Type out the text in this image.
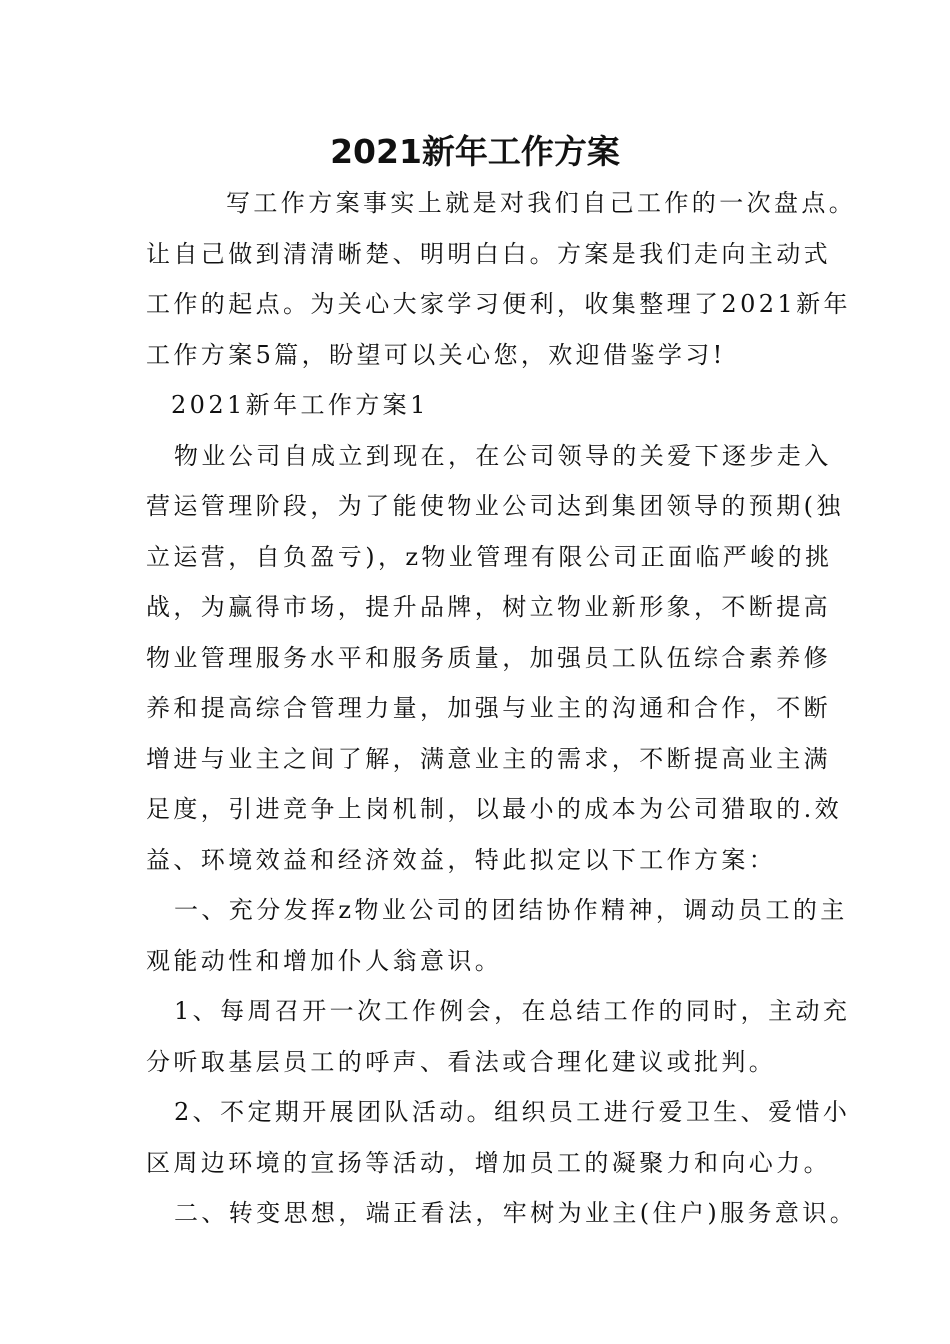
2021新年工作方案

写工作方案事实上就是对我们自己工作的一次盘点。
让自己做到清清晰楚、明明白白。方案是我们走向主动式
工作的起点。为关心大家学习便利，收集整理了2021新年
工作方案5篇，盼望可以关心您，欢迎借鉴学习!

2021新年工作方案1

物业公司自成立到现在，在公司领导的关爱下逐步走入
营运管理阶段，为了能使物业公司达到集团领导的预期(独
立运营，自负盈亏)，z物业管理有限公司正面临严峻的挑
战，为赢得市场，提升品牌，树立物业新形象，不断提高
物业管理服务水平和服务质量，加强员工队伍综合素养修
养和提高综合管理力量，加强与业主的沟通和合作，不断
增进与业主之间了解，满意业主的需求，不断提高业主满
足度，引进竞争上岗机制，以最小的成本为公司猎取的.效
益、环境效益和经济效益，特此拟定以下工作方案：

一、充分发挥z物业公司的团结协作精神，调动员工的主
观能动性和增加仆人翁意识。

1、每周召开一次工作例会，在总结工作的同时，主动充
分听取基层员工的呼声、看法或合理化建议或批判。

2、不定期开展团队活动。组织员工进行爱卫生、爱惜小
区周边环境的宣扬等活动，增加员工的凝聚力和向心力。

二、转变思想，端正看法，牢树为业主(住户)服务意识。
